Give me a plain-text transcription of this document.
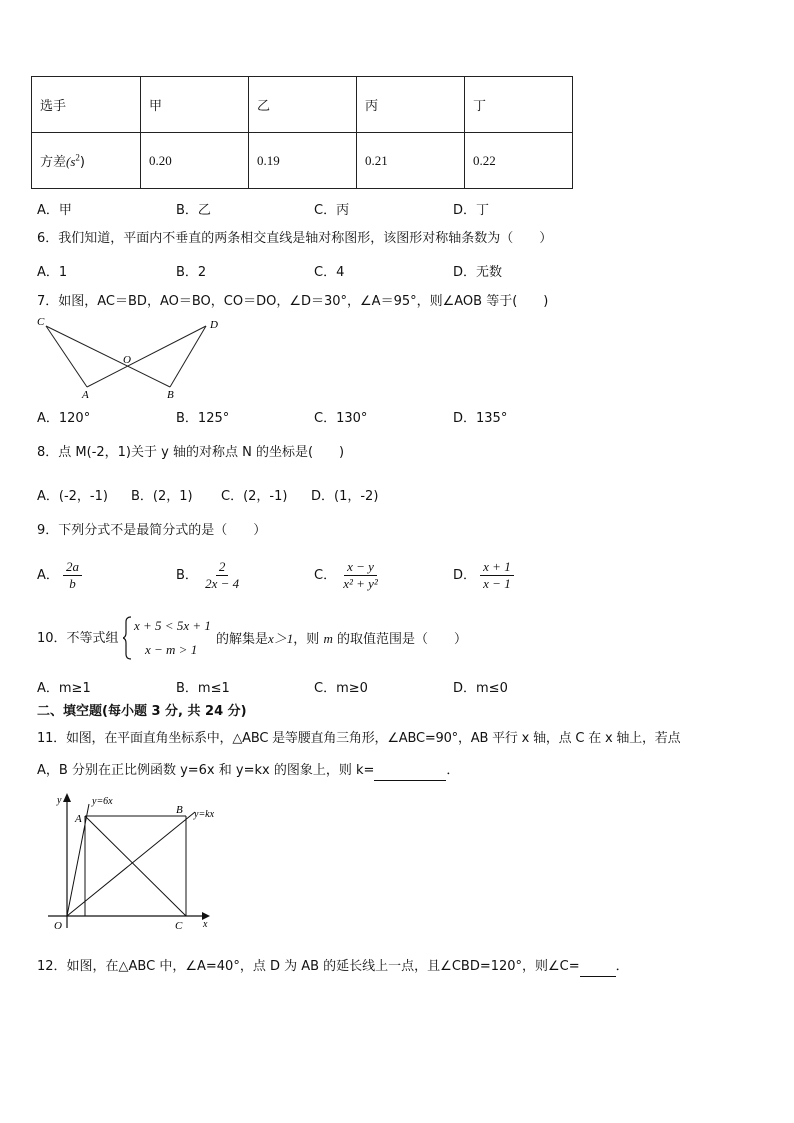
选手	甲	乙	丙	丁
方差$(s^2)$	0.20	0.19	0.21	0.22
A．甲	B．乙	C．丙	D．丁
6．我们知道，平面内不垂直的两条相交直线是轴对称图形，该图形对称轴条数为（　　）
A．1	B．2	C．4	D．无数
7．如图，AC＝BD，AO＝BO，CO＝DO，∠D＝30°，∠A＝95°，则∠AOB 等于(　　)
C	D
O
A	B
A．120°	B．125°	C．130°	D．135°
8．点 M(-2，1)关于 y 轴的对称点 N 的坐标是(　　)
A．(-2，-1) B．(2，1) C．(2，-1) D．(1，-2)
9．下列分式不是最简分式的是（　　）
A． $\frac{2a}{b}$	B． $\frac{2}{2x - 4}$	C． $\frac{x - y}{\text{x² + y²}}$	D． $\frac{x + 1}{x - 1}$
10．不等式组
x + 5 < 5x + 1
x − m > 1
的解集是x＞1，则 m 的取值范围是（　　）
A．m≥1	B．m≤1	C．m≥0	D．m≤0
二、填空题(每小题 3 分, 共 24 分)
11．如图，在平面直角坐标系中，△ABC 是等腰直角三角形，∠ABC=90°，AB 平行 x 轴，点 C 在 x 轴上，若点
A，B 分别在正比例函数 y=6x 和 y=kx 的图象上，则 k=	．
y
x
O
A
B
C
y=6x
y=kx
12．如图，在△ABC 中，∠A=40°，点 D 为 AB 的延长线上一点，且∠CBD=120°，则∠C=	．
